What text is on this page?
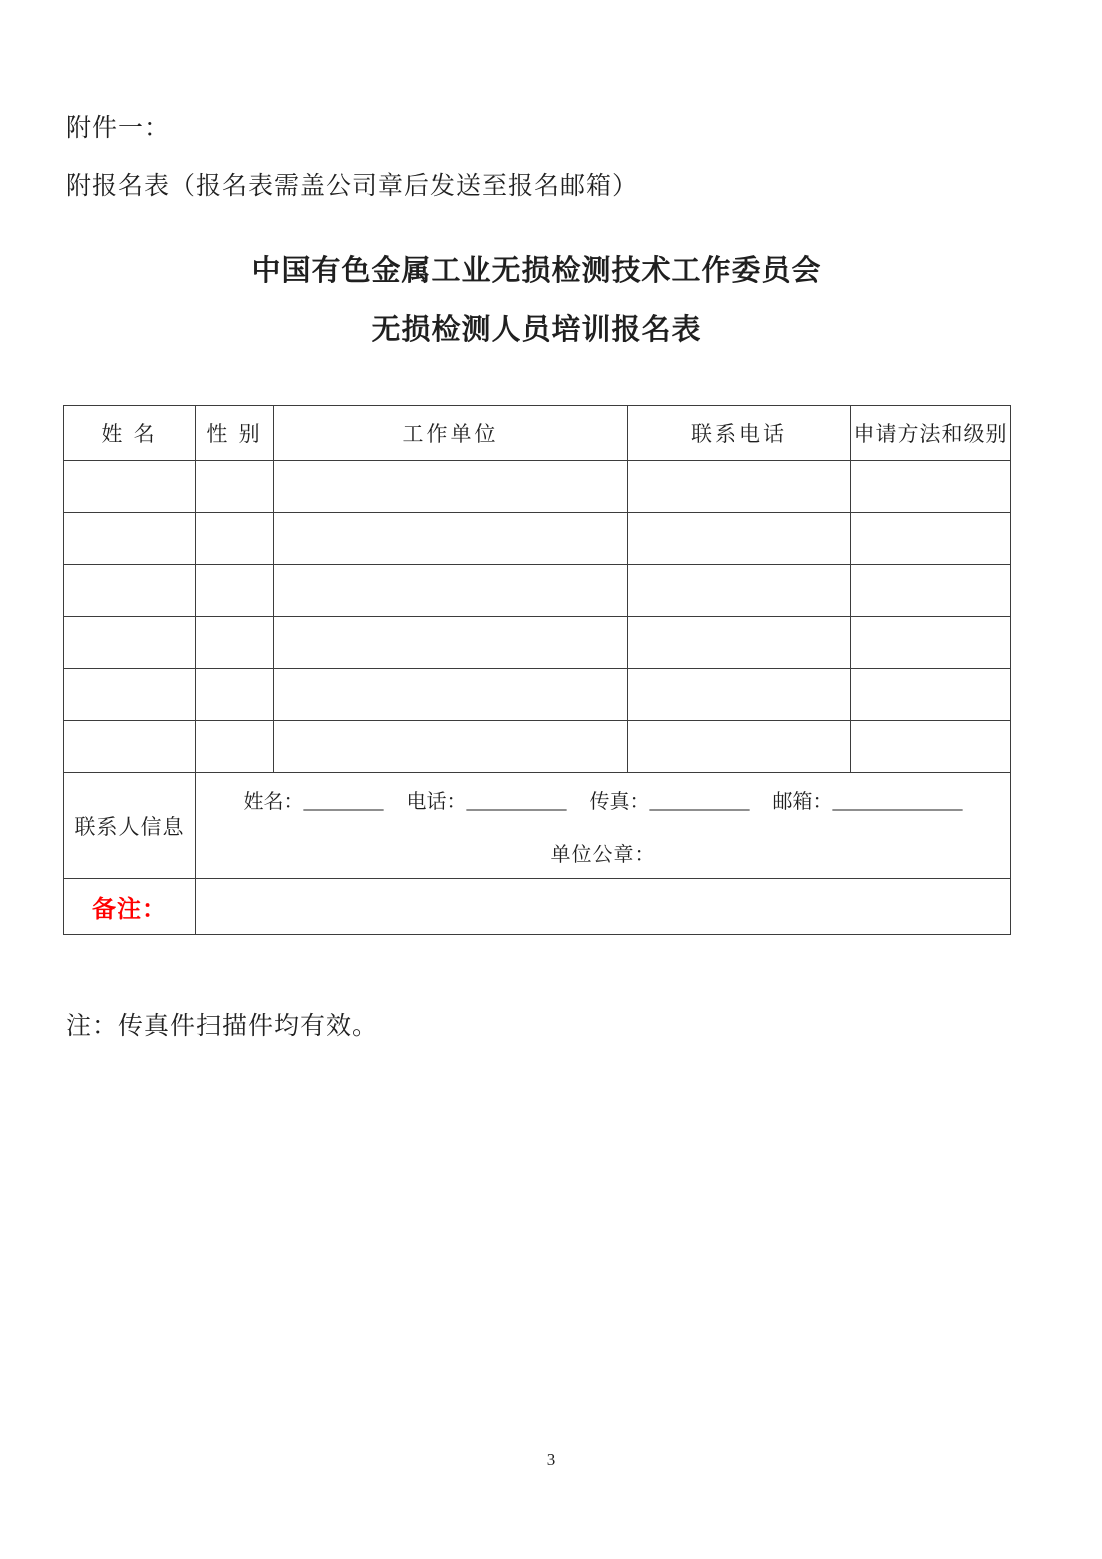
附件一：
附报名表（报名表需盖公司章后发送至报名邮箱）
中国有色金属工业无损检测技术工作委员会
无损检测人员培训报名表
姓 名	性 别	工作单位	联系电话	申请方法和级别

联系人信息	姓名：________ 电话：__________ 传真：__________ 邮箱：_____________
单位公章：			

备注：				
注：传真件扫描件均有效。
3
